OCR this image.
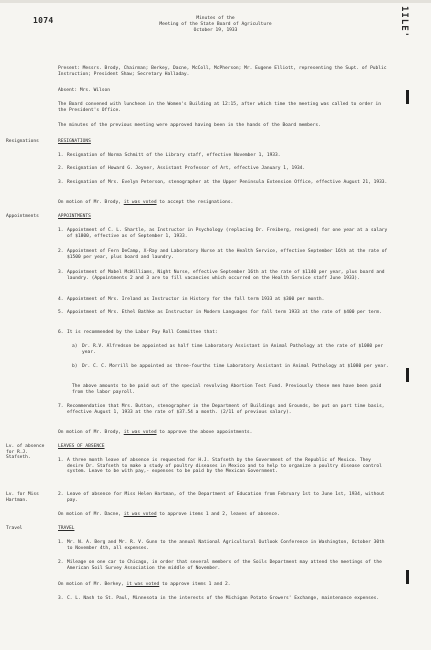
1074	1ILE'
Minutes of the
Meeting of the State Board of Agriculture
October 19, 1933
Present: Messrs. Brody, Chairman; Berkey, Dacne, McColl, McPherson; Mr. Eugene Elliott, representing the Supt. of Public Instruction; President Shaw; Secretary Halladay.
Absent: Mrs. Wilson
The Board convened with luncheon in the Women's Building at 12:15, after which time the meeting was called to order in the President's Office.
The minutes of the previous meeting were approved having been in the hands of the Board members.
Resignations	RESIGNATIONS
1. Resignation of Norma Schmitt of the Library staff, effective November 1, 1933.
2. Resignation of Howard G. Joyner, Assistant Professor of Art, effective January 1, 1934.
3. Resignation of Mrs. Evelyn Peterson, stenographer at the Upper Peninsula Extension Office, effective August 21, 1933.
On motion of Mr. Brody, it was voted to accept the resignations.
Appointments	APPOINTMENTS
1. Appointment of C. L. Shartle, as Instructor in Psychology (replacing Dr. Freiberg, resigned) for one year at a salary of $1800, effective as of September 1, 1933.
2. Appointment of Fern DeCamp, X-Ray and Laboratory Nurse at the Health Service, effective September 16th at the rate of $1500 per year, plus board and laundry.
3. Appointment of Mabel McWilliams, Night Nurse, effective September 16th at the rate of $1140 per year, plus board and laundry. (Appointments 2 and 3 are to fill vacancies which occurred on the Health Service staff June 1933).
4. Appointment of Mrs. Ireland as Instructor in History for the fall term 1933 at $300 per month.
5. Appointment of Mrs. Ethel Bathke as Instructor in Modern Languages for fall term 1933 at the rate of $400 per term.
6. It is recommended by the Labor Pay Roll Committee that:
a) Dr. R.V. Alfredson be appointed as half time Laboratory Assistant in Animal Pathology at the rate of $1080 per year.
b) Dr. C. C. Morrill be appointed as three-fourths time Laboratory Assistant in Animal Pathology at $1080 per year.
The above amounts to be paid out of the special revolving Abortion Test Fund. Previously these men have been paid from the labor payroll.
7. Recommendation that Mrs. Button, stenographer in the Department of Buildings and Grounds, be put on part time basis, effective August 1, 1933 at the rate of $37.54 a month. (2/11 of previous salary).
On motion of Mr. Brody, it was voted to approve the above appointments.
Lv. of absence for R.J. Stafseth.
LEAVES OF ABSENCE
1. A three month leave of absence is requested for H.J. Stafseth by the Government of the Republic of Mexico. They desire Dr. Stafseth to make a study of poultry diseases in Mexico and to help to organize a poultry disease control system. Leave to be with pay,- expenses to be paid by the Mexican Government.
Lv. for Miss Hartman.
2. Leave of absence for Miss Helen Hartman, of the Department of Education from February 1st to June 1st, 1934, without pay.
On motion of Mr. Dacne, it was voted to approve items 1 and 2, leaves of absence.
Travel	TRAVEL
1. Mr. N. A. Berg and Mr. R. V. Gunn to the annual National Agricultural Outlook Conference in Washington, October 30th to November 4th, all expenses.
2. Mileage on one car to Chicago, in order that several members of the Soils Department may attend the meetings of the American Soil Survey Association the middle of November.
On motion of Mr. Berkey, it was voted to approve items 1 and 2.
3. C. L. Nash to St. Paul, Minnesota in the interests of the Michigan Potato Growers' Exchange, maintenance expenses.
